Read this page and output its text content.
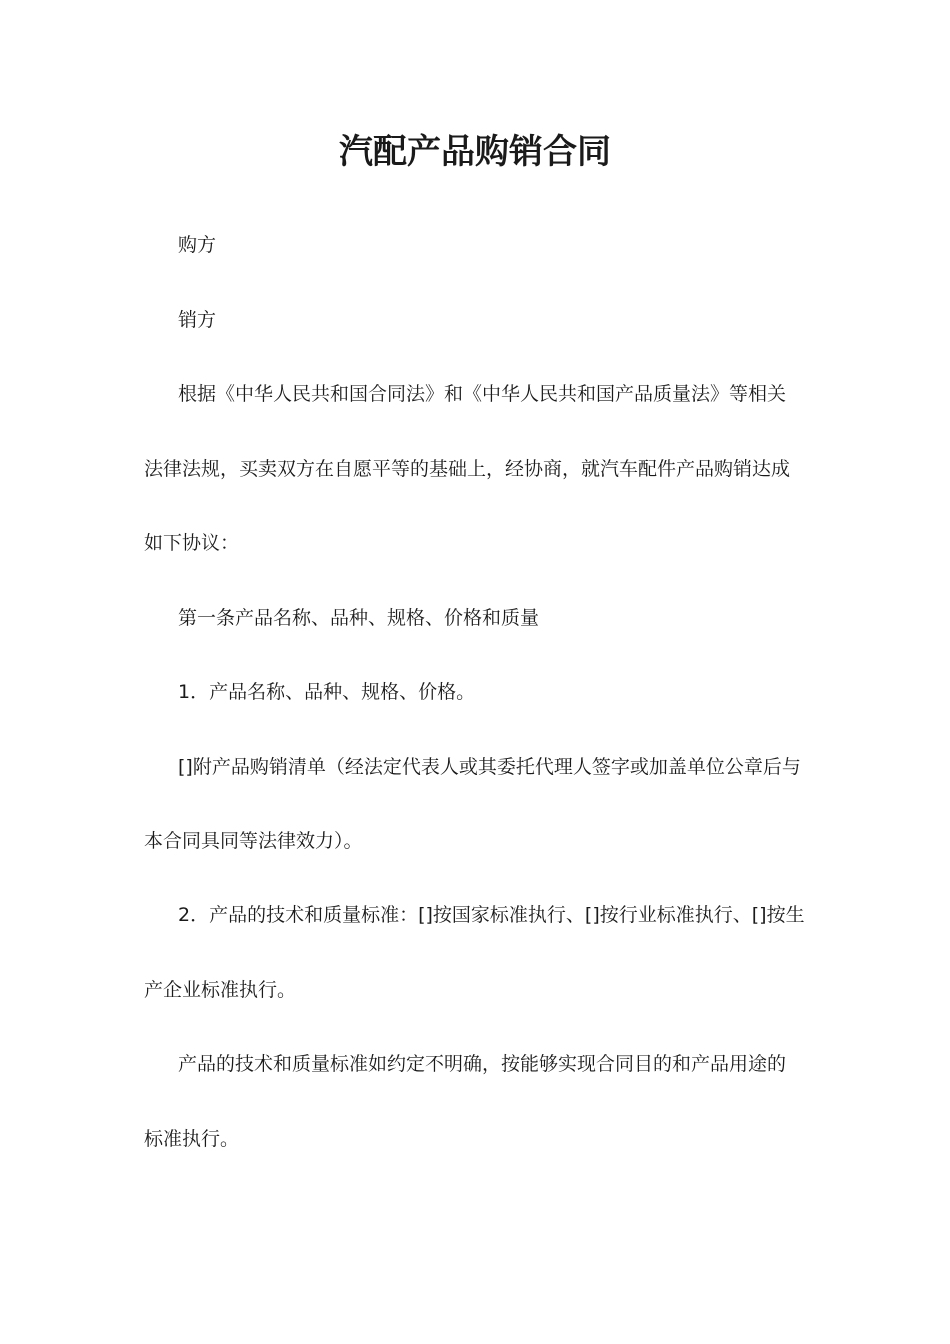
汽配产品购销合同

购方

销方

根据《中华人民共和国合同法》和《中华人民共和国产品质量法》等相关

法律法规，买卖双方在自愿平等的基础上，经协商，就汽车配件产品购销达成

如下协议：

第一条产品名称、品种、规格、价格和质量

1．产品名称、品种、规格、价格。

[]附产品购销清单（经法定代表人或其委托代理人签字或加盖单位公章后与

本合同具同等法律效力）。

2．产品的技术和质量标准：[]按国家标准执行、[]按行业标准执行、[]按生

产企业标准执行。

产品的技术和质量标准如约定不明确，按能够实现合同目的和产品用途的

标准执行。
